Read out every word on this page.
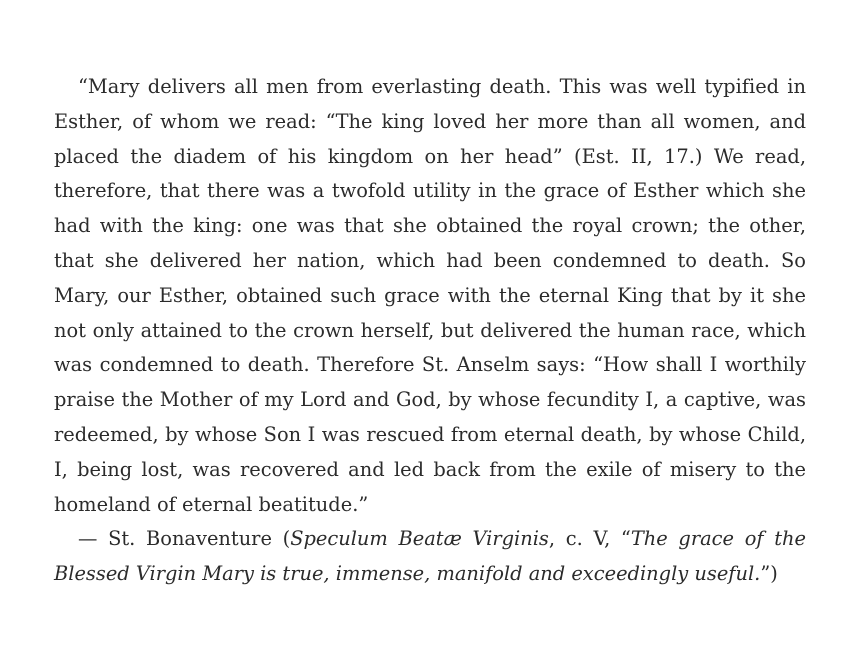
“Mary delivers all men from everlasting death. This was well typified in Esther, of whom we read: “The king loved her more than all women, and placed the diadem of his kingdom on her head” (Est. II, 17.) We read, therefore, that there was a twofold utility in the grace of Esther which she had with the king: one was that she obtained the royal crown; the other, that she delivered her nation, which had been condemned to death. So Mary, our Esther, obtained such grace with the eternal King that by it she not only attained to the crown herself, but delivered the human race, which was condemned to death. Therefore St. Anselm says: “How shall I worthily praise the Mother of my Lord and God, by whose fecundity I, a captive, was redeemed, by whose Son I was rescued from eternal death, by whose Child, I, being lost, was recovered and led back from the exile of misery to the homeland of eternal beatitude.”

— St. Bonaventure (Speculum Beatæ Virginis, c. V, “The grace of the Blessed Virgin Mary is true, immense, manifold and exceedingly useful.”)
